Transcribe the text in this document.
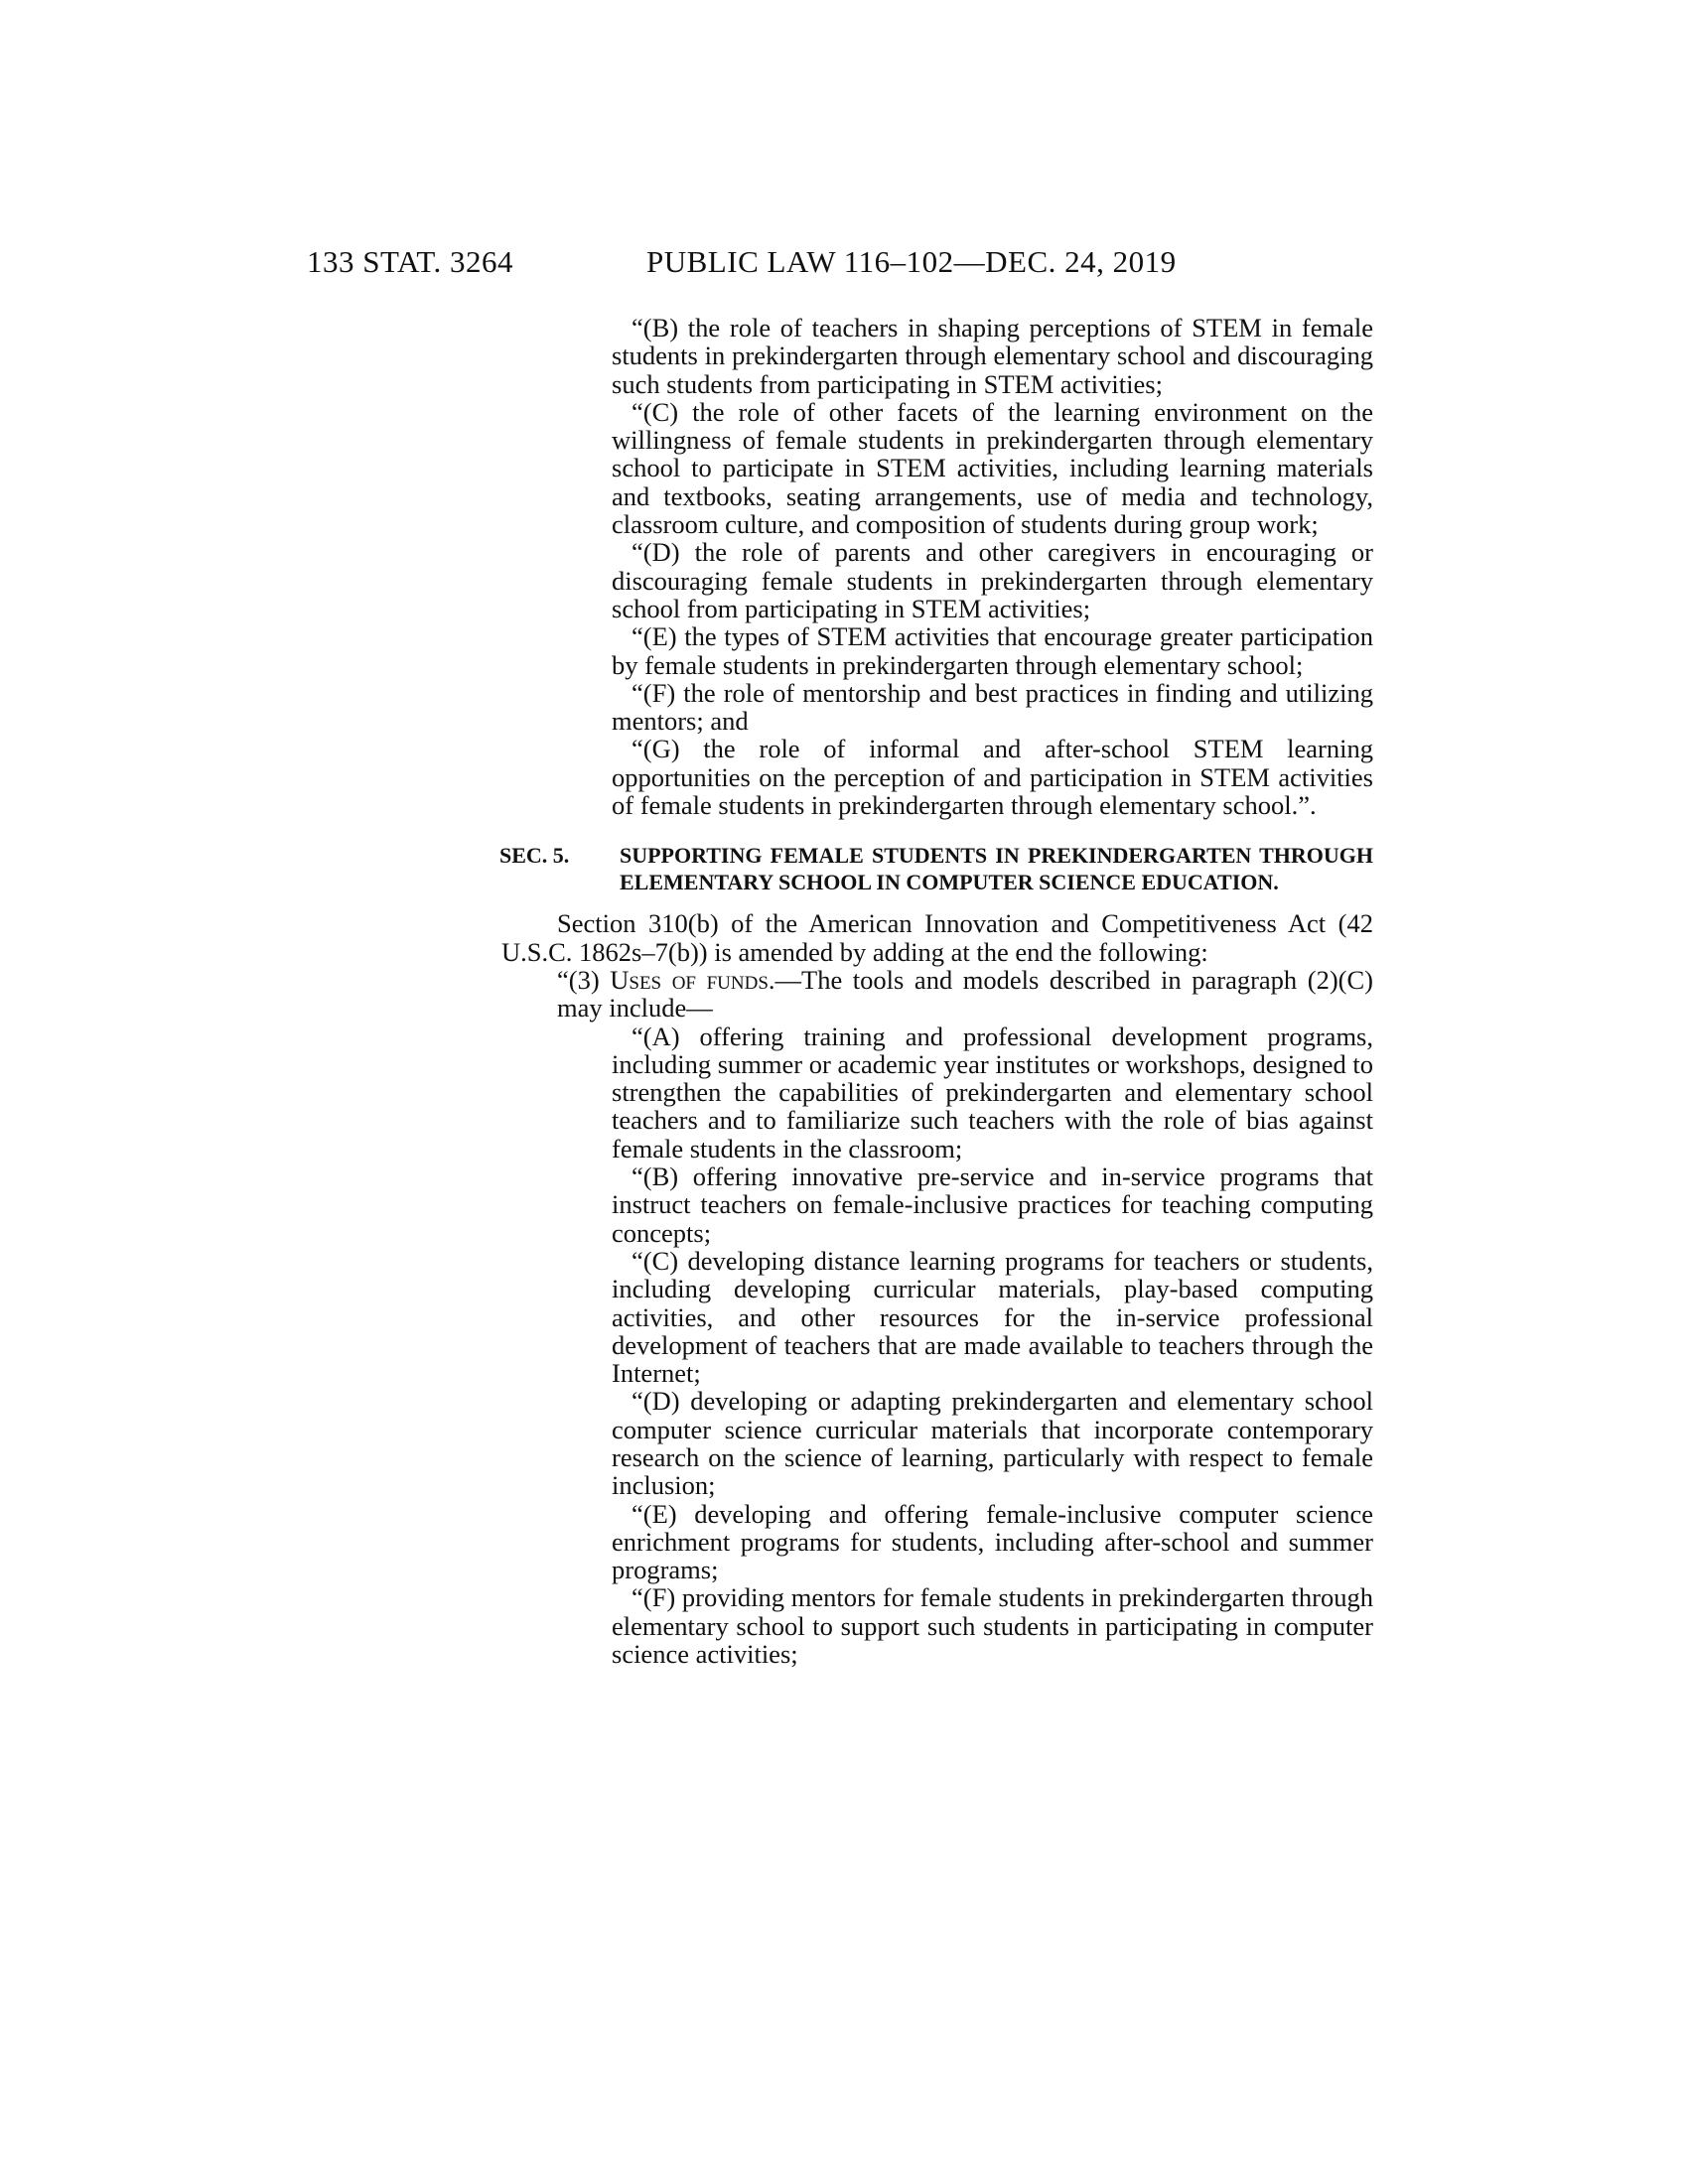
133 STAT. 3264	PUBLIC LAW 116–102—DEC. 24, 2019

“(B) the role of teachers in shaping perceptions of STEM in female students in prekindergarten through elementary school and discouraging such students from participating in STEM activities;

“(C) the role of other facets of the learning environment on the willingness of female students in prekindergarten through elementary school to participate in STEM activities, including learning materials and textbooks, seating arrangements, use of media and technology, classroom culture, and composition of students during group work;

“(D) the role of parents and other caregivers in encouraging or discouraging female students in prekindergarten through elementary school from participating in STEM activities;

“(E) the types of STEM activities that encourage greater participation by female students in prekindergarten through elementary school;

“(F) the role of mentorship and best practices in finding and utilizing mentors; and

“(G) the role of informal and after-school STEM learning opportunities on the perception of and participation in STEM activities of female students in prekindergarten through elementary school.”.

SEC. 5. SUPPORTING FEMALE STUDENTS IN PREKINDERGARTEN THROUGH ELEMENTARY SCHOOL IN COMPUTER SCIENCE EDUCATION.

Section 310(b) of the American Innovation and Competitiveness Act (42 U.S.C. 1862s–7(b)) is amended by adding at the end the following:

“(3) Uses of funds.—The tools and models described in paragraph (2)(C) may include—

“(A) offering training and professional development programs, including summer or academic year institutes or workshops, designed to strengthen the capabilities of prekindergarten and elementary school teachers and to familiarize such teachers with the role of bias against female students in the classroom;

“(B) offering innovative pre-service and in-service programs that instruct teachers on female-inclusive practices for teaching computing concepts;

“(C) developing distance learning programs for teachers or students, including developing curricular materials, play-based computing activities, and other resources for the in-service professional development of teachers that are made available to teachers through the Internet;

“(D) developing or adapting prekindergarten and elementary school computer science curricular materials that incorporate contemporary research on the science of learning, particularly with respect to female inclusion;

“(E) developing and offering female-inclusive computer science enrichment programs for students, including after-school and summer programs;

“(F) providing mentors for female students in prekindergarten through elementary school to support such students in participating in computer science activities;
